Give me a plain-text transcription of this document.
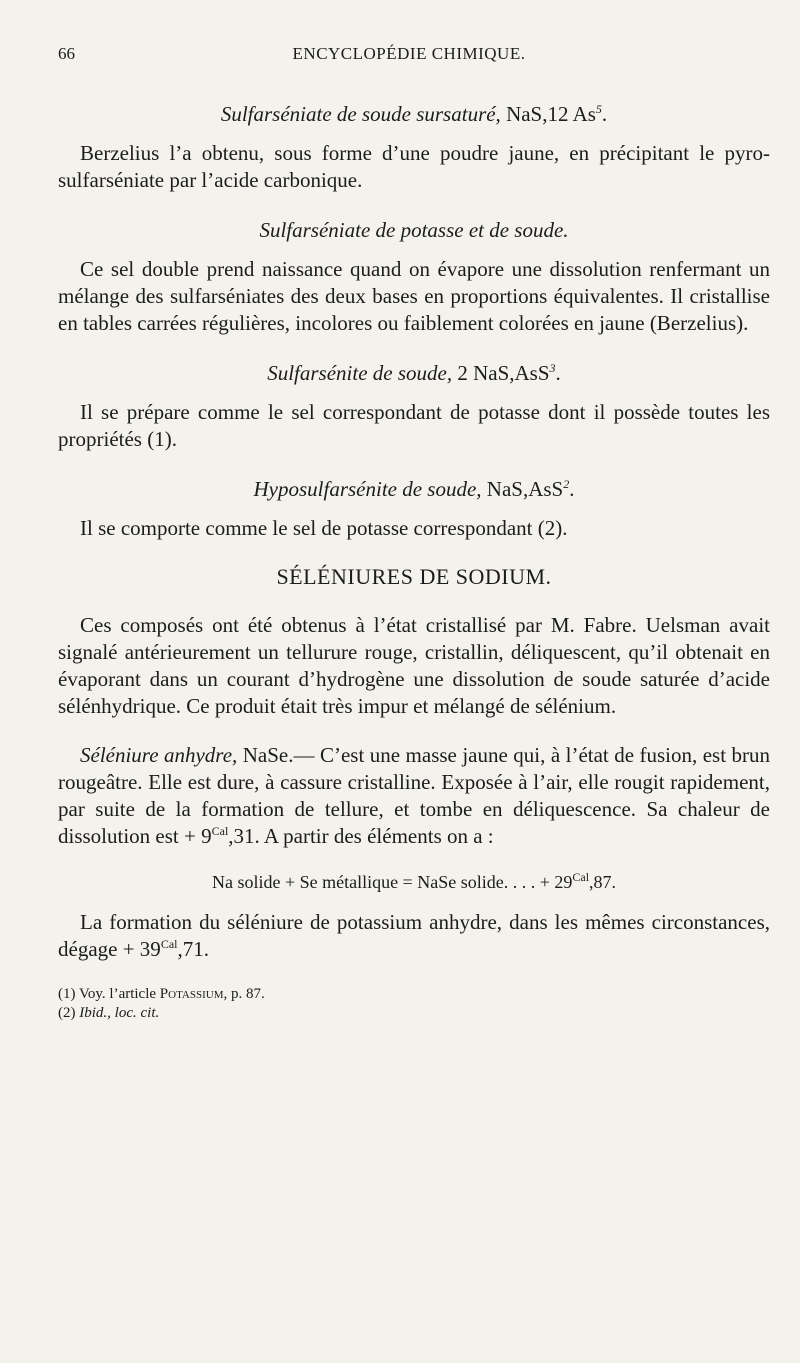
66	ENCYCLOPÉDIE CHIMIQUE.
Sulfarséniate de soude sursaturé, NaS,12 As$^5$.

Berzelius l’a obtenu, sous forme d’une poudre jaune, en précipitant le pyro-sulfarséniate par l’acide carbonique.

Sulfarséniate de potasse et de soude.

Ce sel double prend naissance quand on évapore une dissolution renfermant un mélange des sulfarséniates des deux bases en proportions équivalentes. Il cristallise en tables carrées régulières, incolores ou faiblement colorées en jaune (Berzelius).

Sulfarsénite de soude, 2 NaS,AsS$^3$.

Il se prépare comme le sel correspondant de potasse dont il possède toutes les propriétés (1).

Hyposulfarsénite de soude, NaS,AsS$^2$.

Il se comporte comme le sel de potasse correspondant (2).

SÉLÉNIURES DE SODIUM.

Ces composés ont été obtenus à l’état cristallisé par M. Fabre. Uelsman avait signalé antérieurement un tellurure rouge, cristallin, déliquescent, qu’il obtenait en évaporant dans un courant d’hydrogène une dissolution de soude saturée d’acide sélénhydrique. Ce produit était très impur et mélangé de sélénium.

Séléniure anhydre, NaSe.— C’est une masse jaune qui, à l’état de fusion, est brun rougeâtre. Elle est dure, à cassure cristalline. Exposée à l’air, elle rougit rapidement, par suite de la formation de tellure, et tombe en déliquescence. Sa chaleur de dissolution est + $9^{Cal},31$. A partir des éléments on a :

Na solide + Se métallique = NaSe solide. . . . + $29^{Cal},87$.

La formation du séléniure de potassium anhydre, dans les mêmes circonstances, dégage + $39^{Cal},71$.

(1) Voy. l’article Potassium, p. 87.
(2) Ibid., loc. cit.
